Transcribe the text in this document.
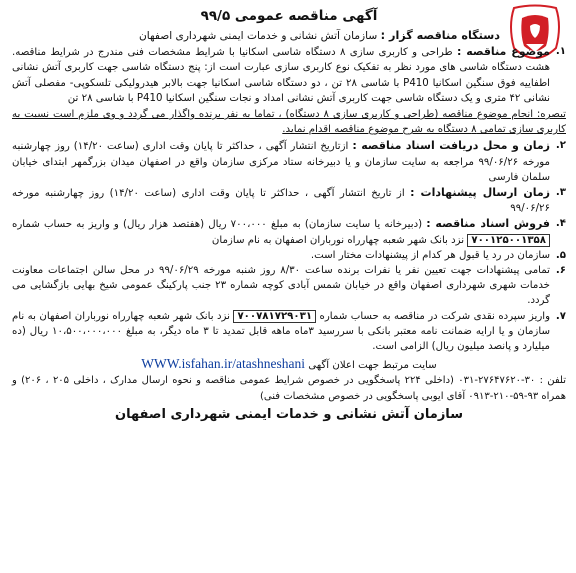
آگهی مناقصه عمومی ۹۹/۵
دستگاه مناقصه گزار : سازمان آتش نشانی و خدمات ایمنی شهرداری اصفهان
۱.
موضوع مناقصه : طراحی و کاربری سازی ۸ دستگاه شاسی اسکانیا با شرایط مشخصات فنی مندرج در شرایط مناقصه. هشت دستگاه شاسی های مورد نظر به تفکیک نوع کاربری سازی عبارت است از: پنج دستگاه شاسی جهت کاربری آتش نشانی اطفاییه فوق سنگین اسکانیا P410 با شاسی ۲۸ تن ، دو دستگاه شاسی اسکانیا جهت بالابر هیدرولیکی تلسکوپی- مفصلی آتش نشانی ۴۲ متری و یک دستگاه شاسی جهت کاربری آتش نشانی امداد و نجات سنگین اسکانیا P410 با شاسی ۲۸ تن
تبصره: انجام موضوع مناقصه (طراحی و کاربری سازی ۸ دستگاه) ، تماما به نفر برنده واگذار می گردد و وی ملزم است نسبت به کاربری سازی تمامی ۸ دستگاه به شرح موضوع مناقصه اقدام نماید.
۲.
زمان و محل دریافت اسناد مناقصه : ازتاریخ انتشار آگهی ، حداکثر تا پایان وقت اداری (ساعت ۱۴/۲۰) روز چهارشنبه مورخه ۹۹/۰۶/۲۶ مراجعه به سایت سازمان و یا دبیرخانه ستاد مرکزی سازمان واقع در اصفهان میدان بزرگمهر ابتدای خیابان سلمان فارسی
۳.
زمان ارسال پیشنهادات : از تاریخ انتشار آگهی ، حداکثر تا پایان وقت اداری (ساعت ۱۴/۲۰) روز چهارشنبه مورخه ۹۹/۰۶/۲۶
۴.
فروش اسناد مناقصه : (دبیرخانه یا سایت سازمان) به مبلغ ۷۰۰،۰۰۰ ریال (هفتصد هزار ریال) و واریز به حساب شماره ۷۰۰۱۲۵۰۰۱۳۵۸ نزد بانک شهر شعبه چهارراه نورباران اصفهان به نام سازمان
۵.
سازمان در رد یا قبول هر کدام از پیشنهادات مختار است.
۶.
تمامی پیشنهادات جهت تعیین نفر یا نفرات برنده ساعت ۸/۳۰ روز شنبه مورخه ۹۹/۰۶/۲۹ در محل سالن اجتماعات معاونت خدمات شهری شهرداری اصفهان واقع در خیابان شمس آبادی کوچه شماره ۲۳ جنب پارکینگ عمومی شیخ بهایی بازگشایی می گردد.
۷.
واریز سپرده نقدی شرکت در مناقصه به حساب شماره ۷۰۰۷۸۱۷۲۹۰۳۱ نزد بانک شهر شعبه چهارراه نورباران اصفهان به نام سازمان و یا ارایه ضمانت نامه معتبر بانکی با سررسید ۳ماه ماهه قابل تمدید تا ۳ ماه دیگر، به مبلغ ۱۰،۵۰۰،۰۰۰،۰۰۰ ریال (ده میلیارد و پانصد میلیون ریال) الزامی است.
سایت مرتبط جهت اعلان آگهی WWW.isfahan.ir/atashneshani
تلفن : ۳۰-۲۷۶۴۷۶۲۰-۰۳۱ (داخلی ۲۲۴ پاسخگویی در خصوص شرایط عمومی مناقصه و نحوه ارسال مدارک ، داخلی ۲۰۵ ، ۲۰۶) و همراه ۹۳-۵۹-۲۱۰-۰۹۱۳ آقای ایوبی پاسخگویی در خصوص مشخصات فنی)
سازمان آتش نشانی و خدمات ایمنی شهرداری اصفهان
